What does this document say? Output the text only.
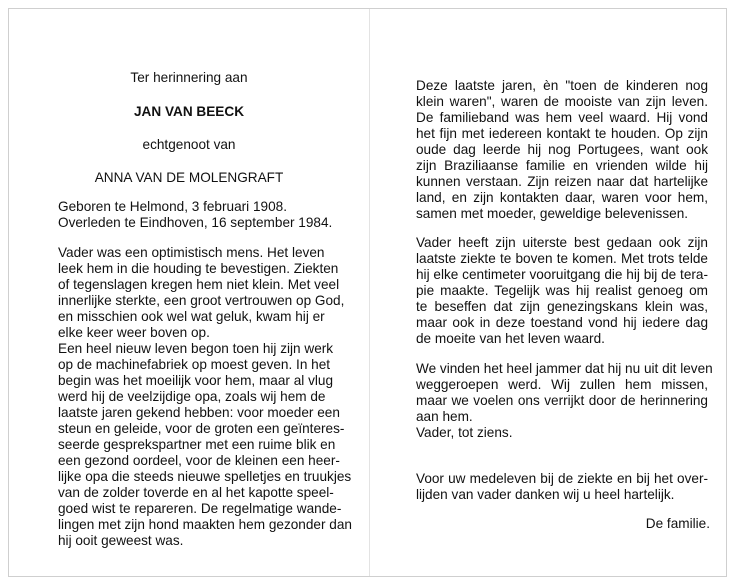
Ter herinnering aan
JAN VAN BEECK
echtgenoot van
ANNA VAN DE MOLENGRAFT
Geboren te Helmond, 3 februari 1908.
Overleden te Eindhoven, 16 september 1984.
Vader was een optimistisch mens. Het leven
leek hem in die houding te bevestigen. Ziekten
of tegenslagen kregen hem niet klein. Met veel
innerlijke sterkte, een groot vertrouwen op God,
en misschien ook wel wat geluk, kwam hij er
elke keer weer boven op.
Een heel nieuw leven begon toen hij zijn werk
op de machinefabriek op moest geven. In het
begin was het moeilijk voor hem, maar al vlug
werd hij de veelzijdige opa, zoals wij hem de
laatste jaren gekend hebben: voor moeder een
steun en geleide, voor de groten een geïnteres-
seerde gesprekspartner met een ruime blik en
een gezond oordeel, voor de kleinen een heer-
lijke opa die steeds nieuwe spelletjes en truukjes
van de zolder toverde en al het kapotte speel-
goed wist te repareren. De regelmatige wande-
lingen met zijn hond maakten hem gezonder dan
hij ooit geweest was.
Deze laatste jaren, èn "toen de kinderen nog
klein waren", waren de mooiste van zijn leven.
De familieband was hem veel waard. Hij vond
het fijn met iedereen kontakt te houden. Op zijn
oude dag leerde hij nog Portugees, want ook
zijn Braziliaanse familie en vrienden wilde hij
kunnen verstaan. Zijn reizen naar dat hartelijke
land, en zijn kontakten daar, waren voor hem,
samen met moeder, geweldige belevenissen.
Vader heeft zijn uiterste best gedaan ook zijn
laatste ziekte te boven te komen. Met trots telde
hij elke centimeter vooruitgang die hij bij de tera-
pie maakte. Tegelijk was hij realist genoeg om
te beseffen dat zijn genezingskans klein was,
maar ook in deze toestand vond hij iedere dag
de moeite van het leven waard.
We vinden het heel jammer dat hij nu uit dit leven
weggeroepen werd. Wij zullen hem missen,
maar we voelen ons verrijkt door de herinnering
aan hem.
Vader, tot ziens.
Voor uw medeleven bij de ziekte en bij het over-
lijden van vader danken wij u heel hartelijk.
De familie.
